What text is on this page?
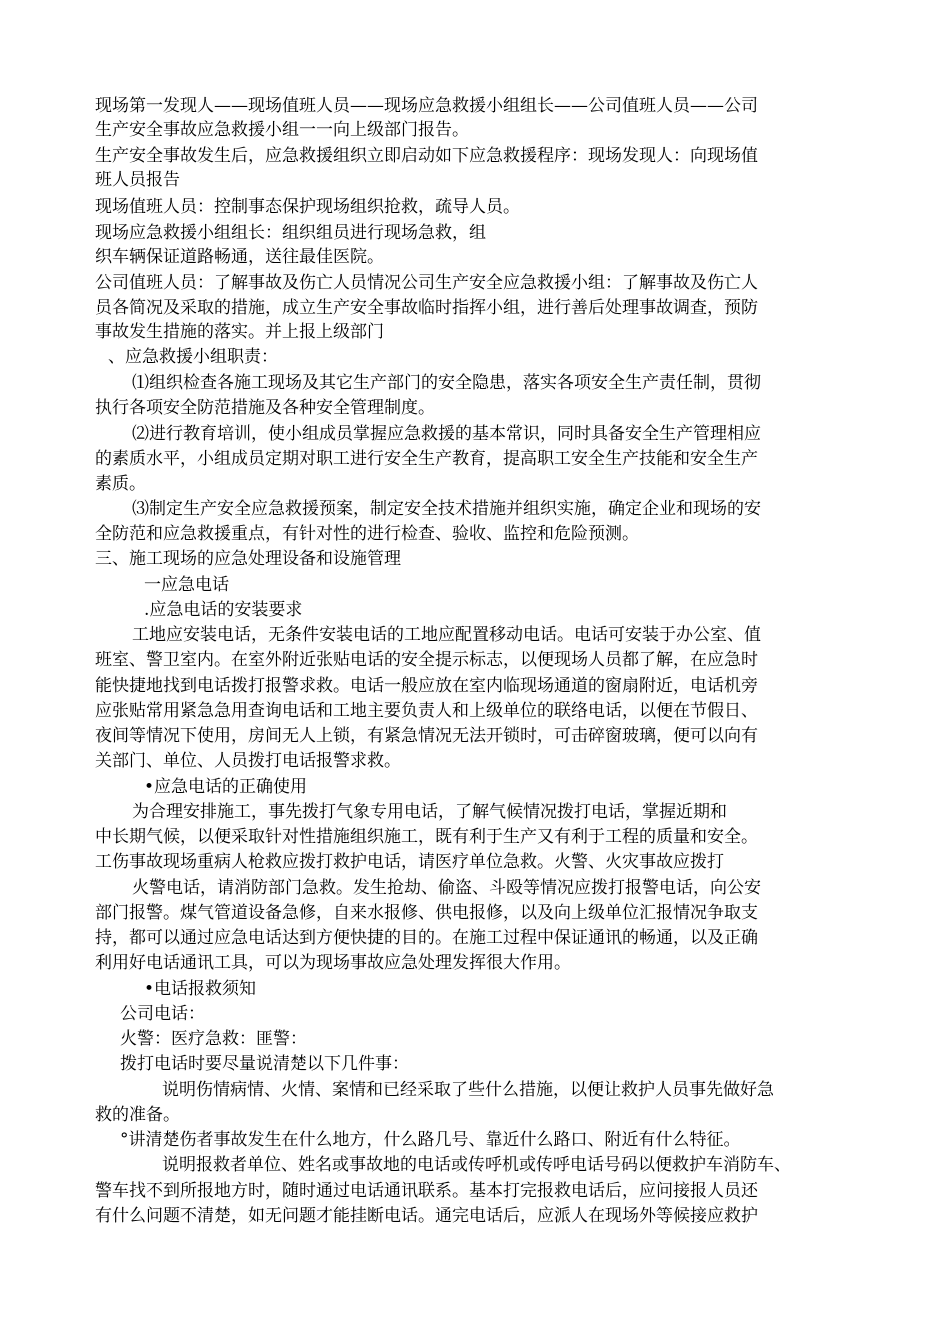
现场第一发现人——现场值班人员——现场应急救援小组组长——公司值班人员——公司
生产安全事故应急救援小组一一向上级部门报告。
生产安全事故发生后，应急救援组织立即启动如下应急救援程序：现场发现人：向现场值
班人员报告
现场值班人员：控制事态保护现场组织抢救，疏导人员。
现场应急救援小组组长：组织组员进行现场急救，组
织车辆保证道路畅通，送往最佳医院。
公司值班人员：了解事故及伤亡人员情况公司生产安全应急救援小组：了解事故及伤亡人
员各简况及采取的措施，成立生产安全事故临时指挥小组，进行善后处理事故调查，预防
事故发生措施的落实。并上报上级部门
、应急救援小组职责：
⑴组织检查各施工现场及其它生产部门的安全隐患，落实各项安全生产责任制，贯彻
执行各项安全防范措施及各种安全管理制度。
⑵进行教育培训，使小组成员掌握应急救援的基本常识，同时具备安全生产管理相应
的素质水平，小组成员定期对职工进行安全生产教育，提高职工安全生产技能和安全生产
素质。
⑶制定生产安全应急救援预案，制定安全技术措施并组织实施，确定企业和现场的安
全防范和应急救援重点，有针对性的进行检查、验收、监控和危险预测。
三、施工现场的应急处理设备和设施管理
一应急电话
.应急电话的安装要求
工地应安装电话，无条件安装电话的工地应配置移动电话。电话可安装于办公室、值
班室、警卫室内。在室外附近张贴电话的安全提示标志，以便现场人员都了解，在应急时
能快捷地找到电话拨打报警求救。电话一般应放在室内临现场通道的窗扇附近，电话机旁
应张贴常用紧急急用查询电话和工地主要负责人和上级单位的联络电话，以便在节假日、
夜间等情况下使用，房间无人上锁，有紧急情况无法开锁时，可击碎窗玻璃，便可以向有
关部门、单位、人员拨打电话报警求救。
•应急电话的正确使用
为合理安排施工，事先拨打气象专用电话，了解气候情况拨打电话，掌握近期和
中长期气候，以便采取针对性措施组织施工，既有利于生产又有利于工程的质量和安全。
工伤事故现场重病人枪救应拨打救护电话，请医疗单位急救。火警、火灾事故应拨打
火警电话，请消防部门急救。发生抢劫、偷盗、斗殴等情况应拨打报警电话，向公安
部门报警。煤气管道设备急修，自来水报修、供电报修，以及向上级单位汇报情况争取支
持，都可以通过应急电话达到方便快捷的目的。在施工过程中保证通讯的畅通，以及正确
利用好电话通讯工具，可以为现场事故应急处理发挥很大作用。
•电话报救须知
公司电话：
火警：医疗急救：匪警：
拨打电话时要尽量说清楚以下几件事：
说明伤情病情、火情、案情和已经采取了些什么措施，以便让救护人员事先做好急
救的准备。
°讲清楚伤者事故发生在什么地方，什么路几号、靠近什么路口、附近有什么特征。
说明报救者单位、姓名或事故地的电话或传呼机或传呼电话号码以便救护车消防车、
警车找不到所报地方时，随时通过电话通讯联系。基本打完报救电话后，应问接报人员还
有什么问题不清楚，如无问题才能挂断电话。通完电话后，应派人在现场外等候接应救护
